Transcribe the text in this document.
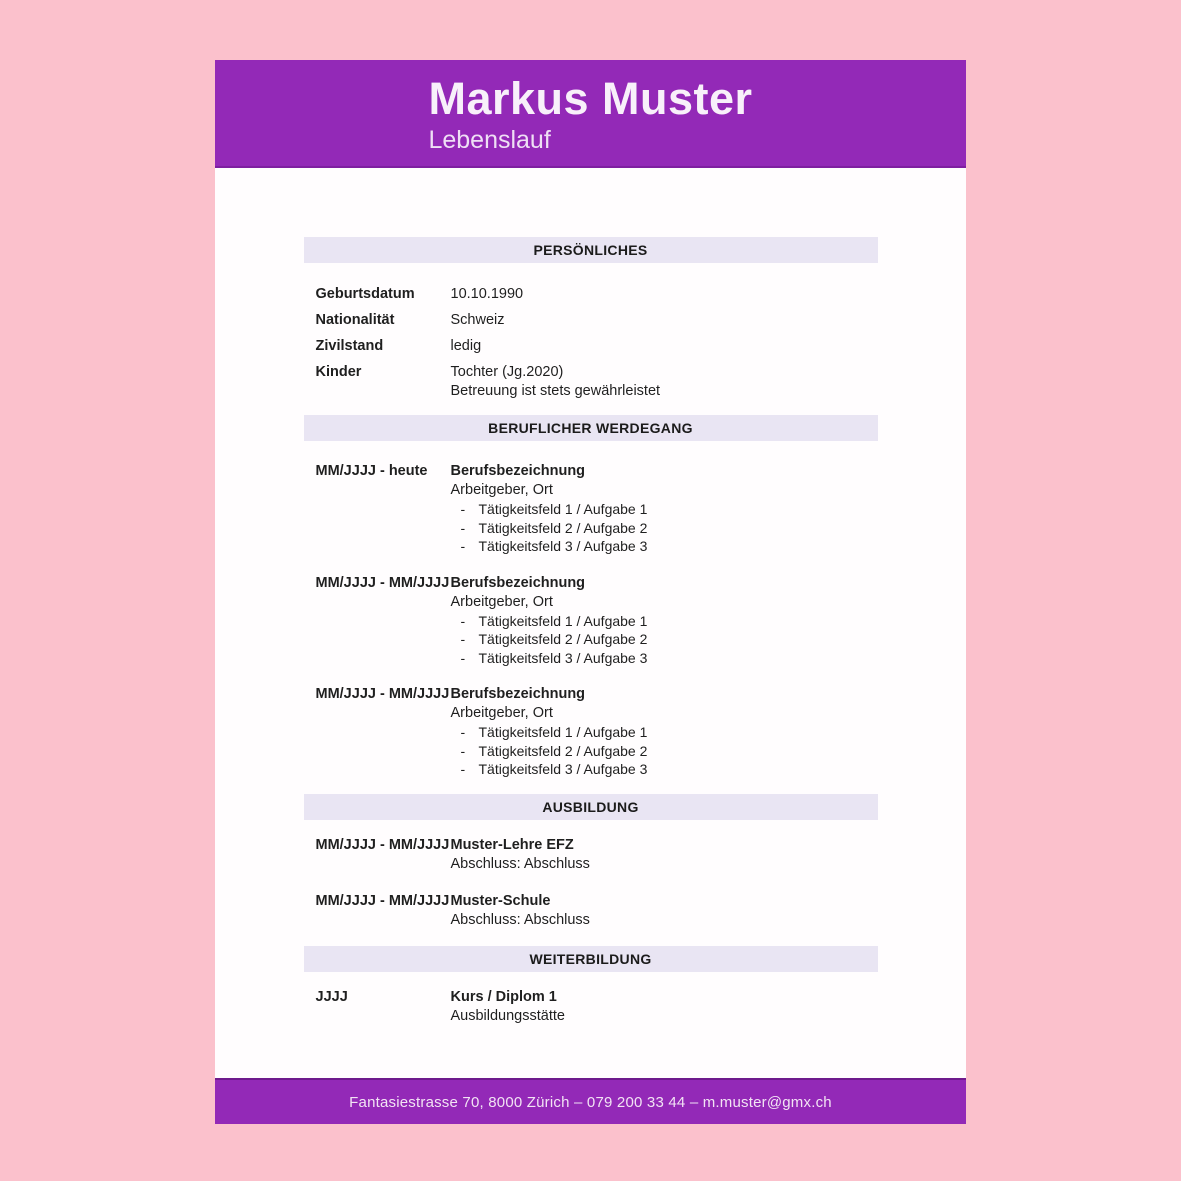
Markus Muster
Lebenslauf
PERSÖNLICHES
Geburtsdatum	10.10.1990
Nationalität	Schweiz
Zivilstand	ledig
Kinder	Tochter (Jg.2020)
Betreuung ist stets gewährleistet
BERUFLICHER WERDEGANG
MM/JJJJ - heute	Berufsbezeichnung
Arbeitgeber, Ort
- Tätigkeitsfeld 1 / Aufgabe 1
- Tätigkeitsfeld 2 / Aufgabe 2
- Tätigkeitsfeld 3 / Aufgabe 3
MM/JJJJ - MM/JJJJ Berufsbezeichnung
Arbeitgeber, Ort
- Tätigkeitsfeld 1 / Aufgabe 1
- Tätigkeitsfeld 2 / Aufgabe 2
- Tätigkeitsfeld 3 / Aufgabe 3
MM/JJJJ - MM/JJJJ Berufsbezeichnung
Arbeitgeber, Ort
- Tätigkeitsfeld 1 / Aufgabe 1
- Tätigkeitsfeld 2 / Aufgabe 2
- Tätigkeitsfeld 3 / Aufgabe 3
AUSBILDUNG
MM/JJJJ - MM/JJJJ Muster-Lehre EFZ
Abschluss: Abschluss
MM/JJJJ - MM/JJJJ Muster-Schule
Abschluss: Abschluss
WEITERBILDUNG
JJJJ	Kurs / Diplom 1
Ausbildungsstätte
Fantasiestrasse 70, 8000 Zürich – 079 200 33 44 – m.muster@gmx.ch
